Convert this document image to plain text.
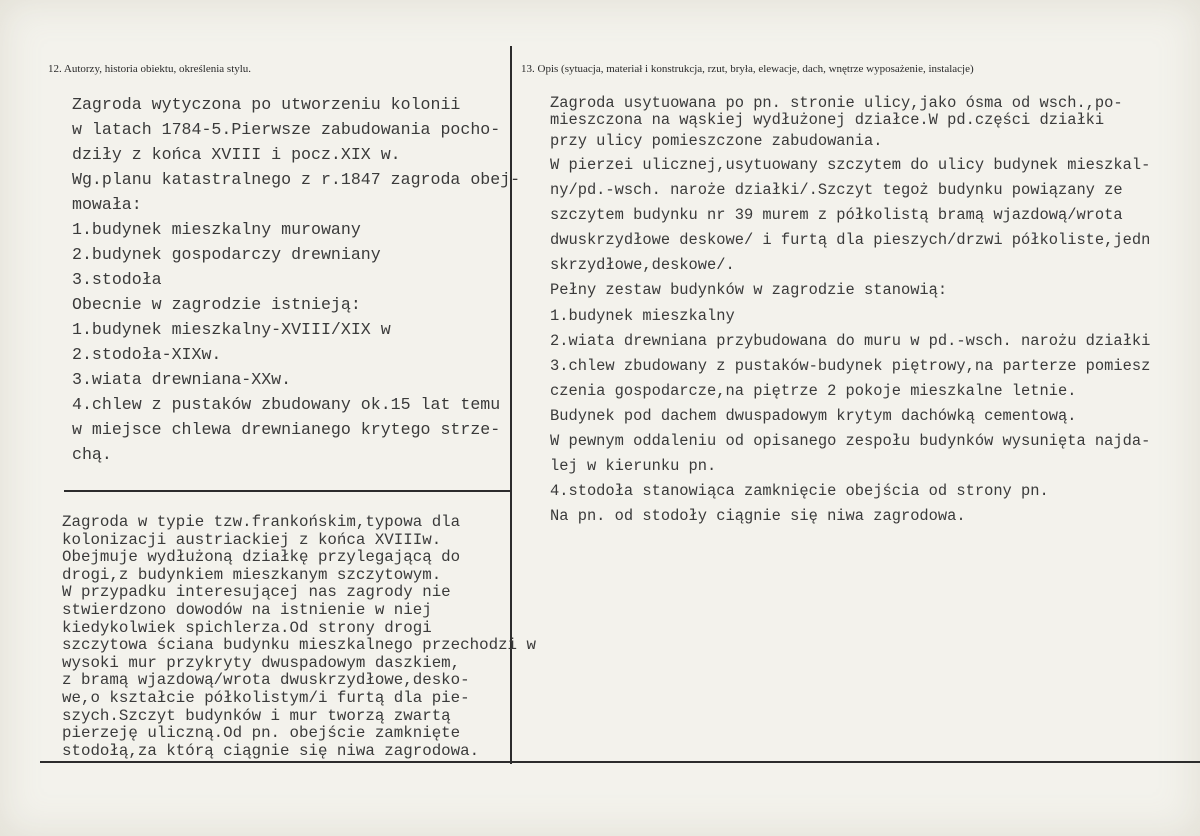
12. Autorzy, historia obiektu, określenia stylu.	13. Opis (sytuacja, materiał i konstrukcja, rzut, bryła, elewacje, dach, wnętrze wyposażenie, instalacje)
Zagroda wytyczona po utworzeniu kolonii
w latach 1784-5.Pierwsze zabudowania pocho-
dziły z końca XVIII i pocz.XIX w.
Wg.planu katastralnego z r.1847 zagroda obej-
mowała:
1.budynek mieszkalny murowany
2.budynek gospodarczy drewniany
3.stodoła
Obecnie w zagrodzie istnieją:
1.budynek mieszkalny-XVIII/XIX w
2.stodoła-XIXw.
3.wiata drewniana-XXw.
4.chlew z pustaków zbudowany ok.15 lat temu
w miejsce chlewa drewnianego krytego strze-
chą.
Zagroda w typie tzw.frankońskim,typowa dla
kolonizacji austriackiej z końca XVIIIw.
Obejmuje wydłużoną działkę przylegającą do
drogi,z budynkiem mieszkanym szczytowym.
W przypadku interesującej nas zagrody nie
stwierdzono dowodów na istnienie w niej
kiedykolwiek spichlerza.Od strony drogi
szczytowa ściana budynku mieszkalnego przechodzi w
wysoki mur przykryty dwuspadowym daszkiem,
z bramą wjazdową/wrota dwuskrzydłowe,desko-
we,o kształcie półkolistym/i furtą dla pie-
szych.Szczyt budynków i mur tworzą zwartą
pierzeję uliczną.Od pn. obejście zamknięte
stodołą,za którą ciągnie się niwa zagrodowa.
Zagroda usytuowana po pn. stronie ulicy,jako ósma od wsch.,po-
mieszczona na wąskiej wydłużonej działce.W pd.części działki
przy ulicy pomieszczone zabudowania.
W pierzei ulicznej,usytuowany szczytem do ulicy budynek mieszkal-
ny/pd.-wsch. naroże działki/.Szczyt tegoż budynku powiązany ze
szczytem budynku nr 39 murem z półkolistą bramą wjazdową/wrota
dwuskrzydłowe deskowe/ i furtą dla pieszych/drzwi półkoliste,jedn
skrzydłowe,deskowe/.
Pełny zestaw budynków w zagrodzie stanowią:
1.budynek mieszkalny
2.wiata drewniana przybudowana do muru w pd.-wsch. narożu działki
3.chlew zbudowany z pustaków-budynek piętrowy,na parterze pomiesz
czenia gospodarcze,na piętrze 2 pokoje mieszkalne letnie.
Budynek pod dachem dwuspadowym krytym dachówką cementową.
W pewnym oddaleniu od opisanego zespołu budynków wysunięta najda-
lej w kierunku pn.
4.stodoła stanowiąca zamknięcie obejścia od strony pn.
Na pn. od stodoły ciągnie się niwa zagrodowa.
